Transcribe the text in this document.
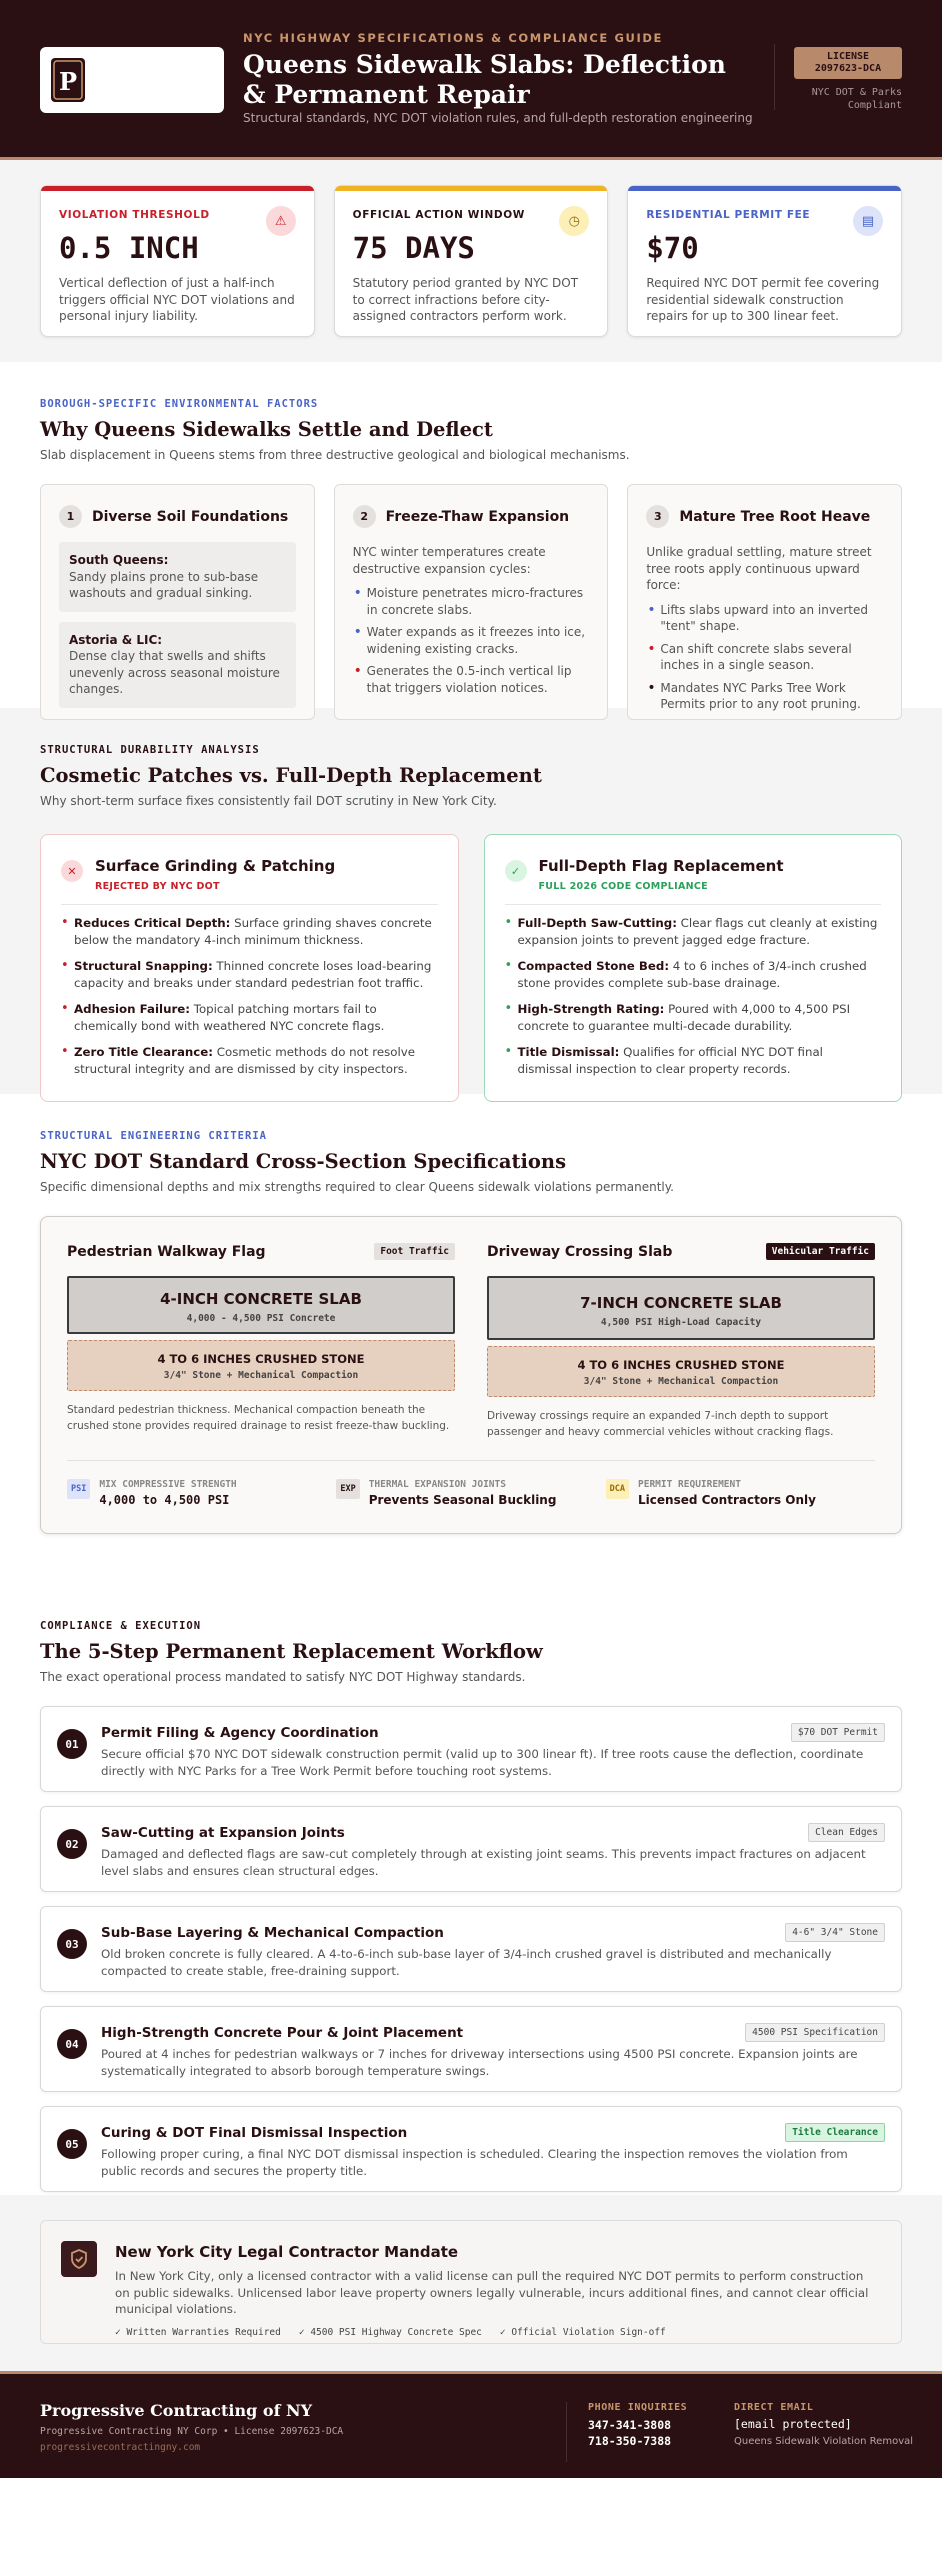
P
NYC HIGHWAY SPECIFICATIONS & COMPLIANCE GUIDE
Queens Sidewalk Slabs: Deflection & Permanent Repair
Structural standards, NYC DOT violation rules, and full-depth restoration engineering
LICENSE
2097623-DCA
NYC DOT & Parks
Compliant
VIOLATION THRESHOLD
0.5 INCH
Vertical deflection of just a half-inch triggers official NYC DOT violations and personal injury liability.
⚠	OFFICIAL ACTION WINDOW
75 DAYS
Statutory period granted by NYC DOT to correct infractions before city-assigned contractors perform work.
◷	RESIDENTIAL PERMIT FEE
$70
Required NYC DOT permit fee covering residential sidewalk construction repairs for up to 300 linear feet.
▤
BOROUGH-SPECIFIC ENVIRONMENTAL FACTORS
Why Queens Sidewalks Settle and Deflect
Slab displacement in Queens stems from three destructive geological and biological mechanisms.
1	Diverse Soil Foundations
South Queens:
Sandy plains prone to sub-base washouts and gradual sinking.
Astoria & LIC:
Dense clay that swells and shifts unevenly across seasonal moisture changes.
2	Freeze-Thaw Expansion
NYC winter temperatures create destructive expansion cycles:
• Moisture penetrates micro-fractures in concrete slabs.
• Water expands as it freezes into ice, widening existing cracks.
• Generates the 0.5-inch vertical lip that triggers violation notices.
3	Mature Tree Root Heave
Unlike gradual settling, mature street tree roots apply continuous upward force:
• Lifts slabs upward into an inverted "tent" shape.
• Can shift concrete slabs several inches in a single season.
• Mandates NYC Parks Tree Work Permits prior to any root pruning.
STRUCTURAL DURABILITY ANALYSIS
Cosmetic Patches vs. Full-Depth Replacement
Why short-term surface fixes consistently fail DOT scrutiny in New York City.
✕	Surface Grinding & Patching
REJECTED BY NYC DOT
• Reduces Critical Depth: Surface grinding shaves concrete below the mandatory 4-inch minimum thickness.
• Structural Snapping: Thinned concrete loses load-bearing capacity and breaks under standard pedestrian foot traffic.
• Adhesion Failure: Topical patching mortars fail to chemically bond with weathered NYC concrete flags.
• Zero Title Clearance: Cosmetic methods do not resolve structural integrity and are dismissed by city inspectors.
✓	Full-Depth Flag Replacement
FULL 2026 CODE COMPLIANCE
• Full-Depth Saw-Cutting: Clear flags cut cleanly at existing expansion joints to prevent jagged edge fracture.
• Compacted Stone Bed: 4 to 6 inches of 3/4-inch crushed stone provides complete sub-base drainage.
• High-Strength Rating: Poured with 4,000 to 4,500 PSI concrete to guarantee multi-decade durability.
• Title Dismissal: Qualifies for official NYC DOT final dismissal inspection to clear property records.
STRUCTURAL ENGINEERING CRITERIA
NYC DOT Standard Cross-Section Specifications
Specific dimensional depths and mix strengths required to clear Queens sidewalk violations permanently.
Pedestrian Walkway Flag	Foot Traffic
4-INCH CONCRETE SLAB
4,000 - 4,500 PSI Concrete
4 TO 6 INCHES CRUSHED STONE
3/4" Stone + Mechanical Compaction
Standard pedestrian thickness. Mechanical compaction beneath the crushed stone provides required drainage to resist freeze-thaw buckling.
Driveway Crossing Slab	Vehicular Traffic
7-INCH CONCRETE SLAB
4,500 PSI High-Load Capacity
4 TO 6 INCHES CRUSHED STONE
3/4" Stone + Mechanical Compaction
Driveway crossings require an expanded 7-inch depth to support passenger and heavy commercial vehicles without cracking flags.
PSI	MIX COMPRESSIVE STRENGTH
4,000 to 4,500 PSI
EXP	THERMAL EXPANSION JOINTS
Prevents Seasonal Buckling
DCA	PERMIT REQUIREMENT
Licensed Contractors Only
COMPLIANCE & EXECUTION
The 5-Step Permanent Replacement Workflow
The exact operational process mandated to satisfy NYC DOT Highway standards.
01
Permit Filing & Agency Coordination
Secure official $70 NYC DOT sidewalk construction permit (valid up to 300 linear ft). If tree roots cause the deflection, coordinate directly with NYC Parks for a Tree Work Permit before touching root systems.
$70 DOT Permit
02
Saw-Cutting at Expansion Joints
Damaged and deflected flags are saw-cut completely through at existing joint seams. This prevents impact fractures on adjacent level slabs and ensures clean structural edges.
Clean Edges
03
Sub-Base Layering & Mechanical Compaction
Old broken concrete is fully cleared. A 4-to-6-inch sub-base layer of 3/4-inch crushed gravel is distributed and mechanically compacted to create stable, free-draining support.
4-6" 3/4" Stone
04
High-Strength Concrete Pour & Joint Placement
Poured at 4 inches for pedestrian walkways or 7 inches for driveway intersections using 4500 PSI concrete. Expansion joints are systematically integrated to absorb borough temperature swings.
4500 PSI Specification
05
Curing & DOT Final Dismissal Inspection
Following proper curing, a final NYC DOT dismissal inspection is scheduled. Clearing the inspection removes the violation from public records and secures the property title.
Title Clearance
New York City Legal Contractor Mandate
In New York City, only a licensed contractor with a valid license can pull the required NYC DOT permits to perform construction on public sidewalks. Unlicensed labor leave property owners legally vulnerable, incurs additional fines, and cannot clear official municipal violations.
✓ Written Warranties Required ✓ 4500 PSI Highway Concrete Spec ✓ Official Violation Sign-off
Progressive Contracting of NY
Progressive Contracting NY Corp • License 2097623-DCA
progressivecontractingny.com
PHONE INQUIRIES
347-341-3808
718-350-7388
DIRECT EMAIL
[email protected]
Queens Sidewalk Violation Removal
